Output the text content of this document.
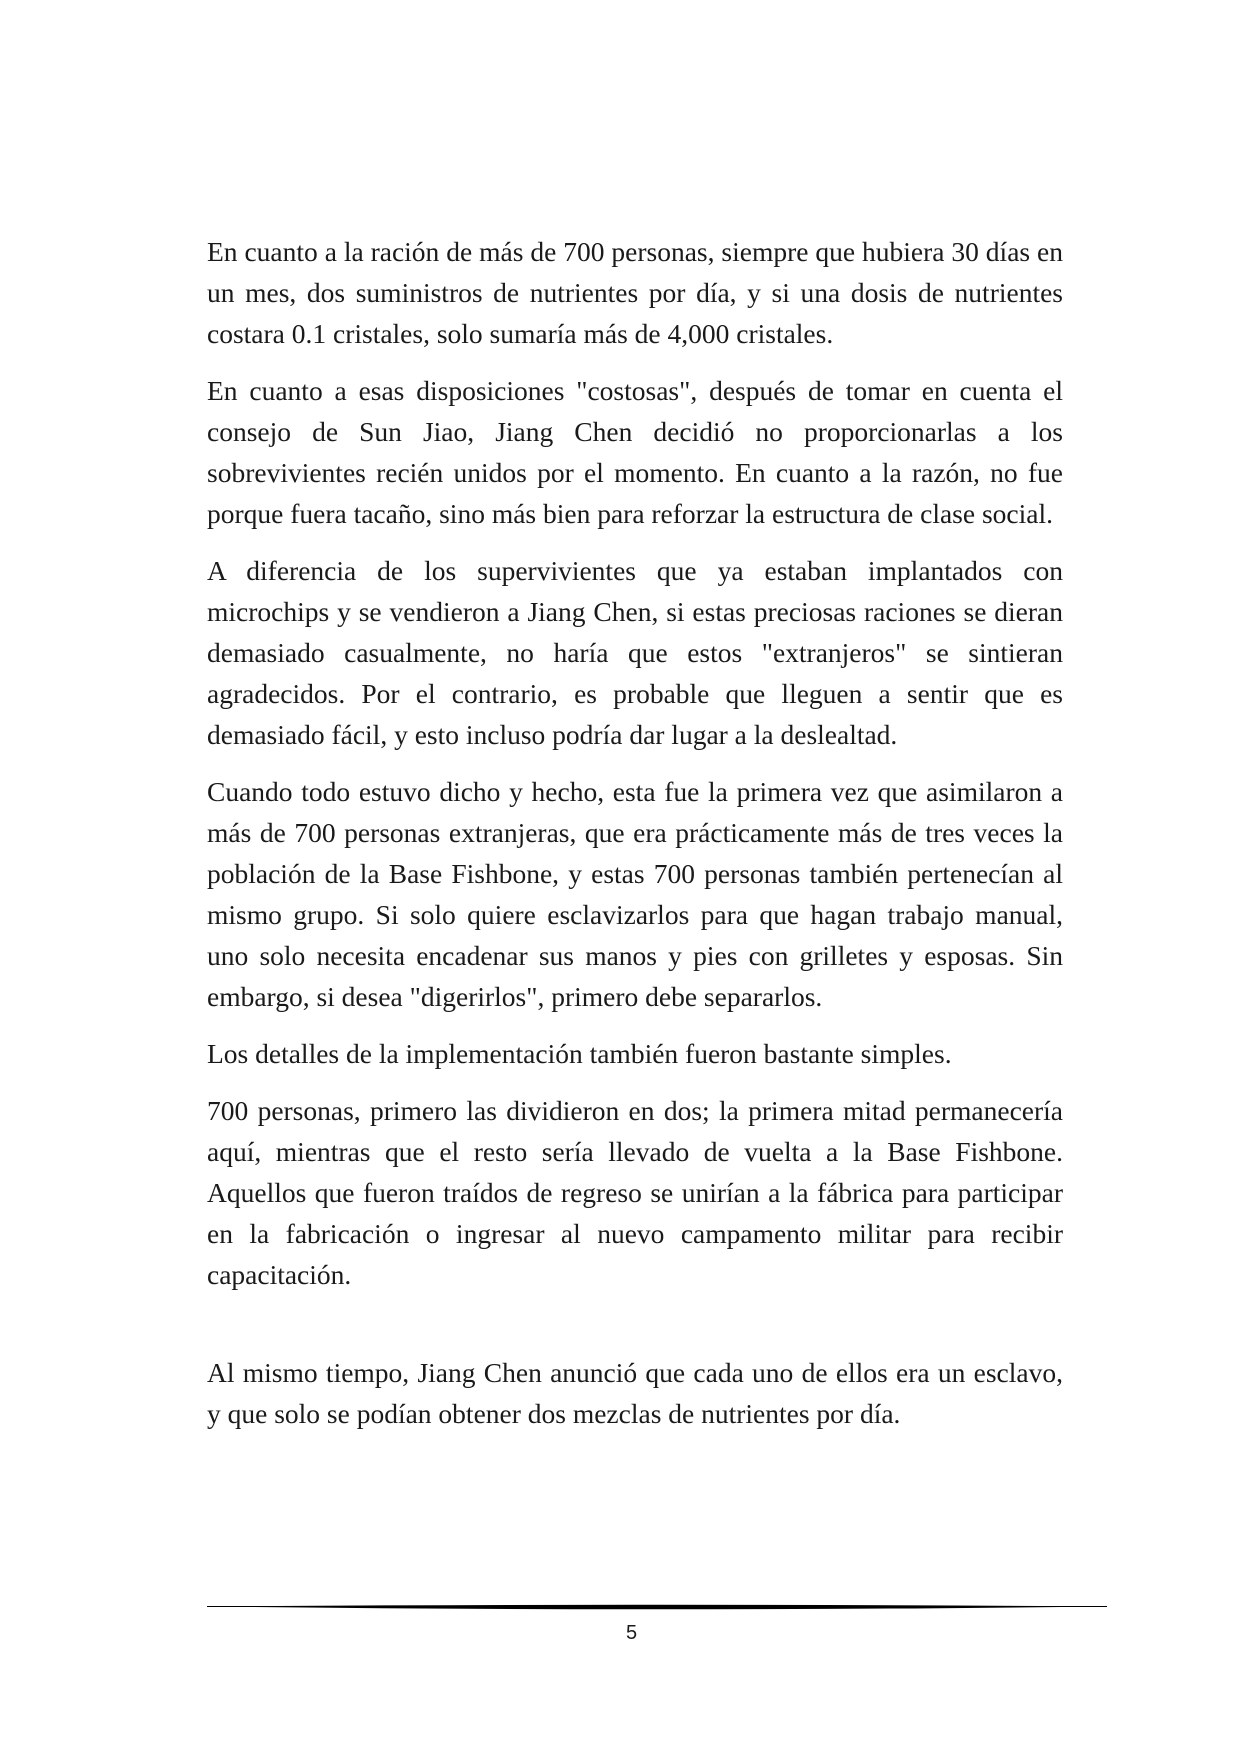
En cuanto a la ración de más de 700 personas, siempre que hubiera 30 días en un mes, dos suministros de nutrientes por día, y si una dosis de nutrientes costara 0.1 cristales, solo sumaría más de 4,000 cristales.

En cuanto a esas disposiciones "costosas", después de tomar en cuenta el consejo de Sun Jiao, Jiang Chen decidió no proporcionarlas a los sobrevivientes recién unidos por el momento. En cuanto a la razón, no fue porque fuera tacaño, sino más bien para reforzar la estructura de clase social.

A diferencia de los supervivientes que ya estaban implantados con microchips y se vendieron a Jiang Chen, si estas preciosas raciones se dieran demasiado casualmente, no haría que estos "extranjeros" se sintieran agradecidos. Por el contrario, es probable que lleguen a sentir que es demasiado fácil, y esto incluso podría dar lugar a la deslealtad.

Cuando todo estuvo dicho y hecho, esta fue la primera vez que asimilaron a más de 700 personas extranjeras, que era prácticamente más de tres veces la población de la Base Fishbone, y estas 700 personas también pertenecían al mismo grupo. Si solo quiere esclavizarlos para que hagan trabajo manual, uno solo necesita encadenar sus manos y pies con grilletes y esposas. Sin embargo, si desea "digerirlos", primero debe separarlos.

Los detalles de la implementación también fueron bastante simples.

700 personas, primero las dividieron en dos; la primera mitad permanecería aquí, mientras que el resto sería llevado de vuelta a la Base Fishbone. Aquellos que fueron traídos de regreso se unirían a la fábrica para participar en la fabricación o ingresar al nuevo campamento militar para recibir capacitación.

Al mismo tiempo, Jiang Chen anunció que cada uno de ellos era un esclavo, y que solo se podían obtener dos mezclas de nutrientes por día.

5
